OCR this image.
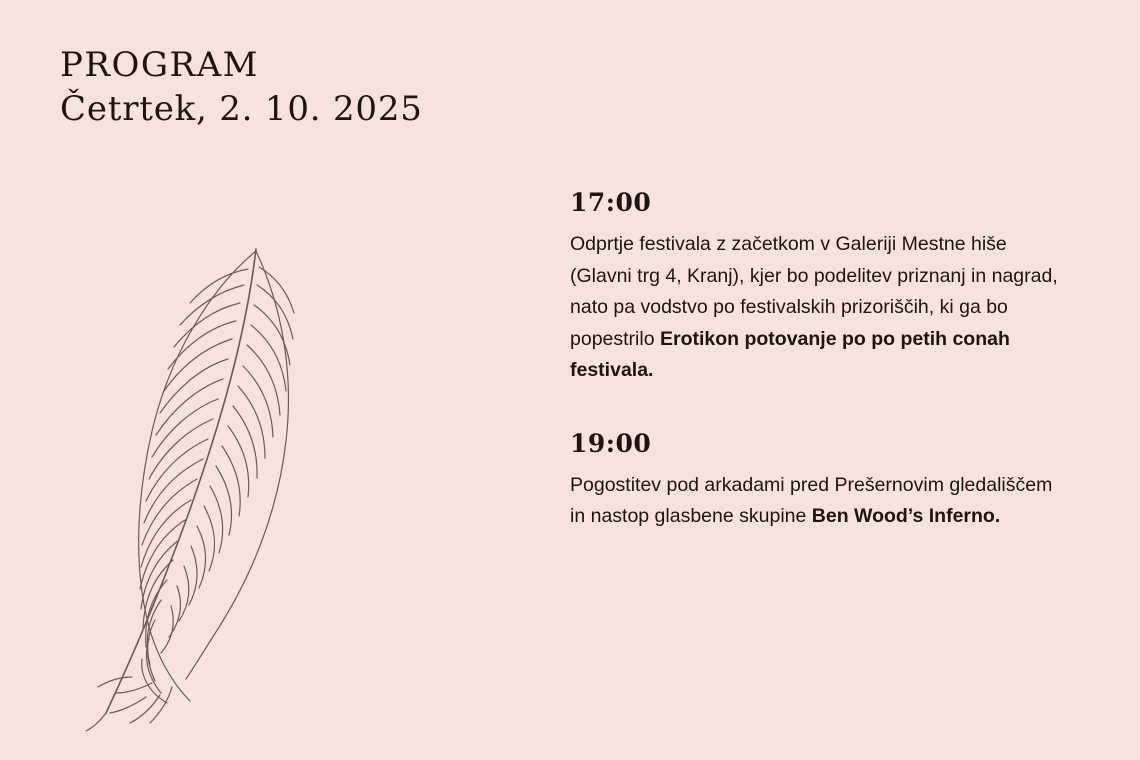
PROGRAM
Četrtek, 2. 10. 2025
17:00
Odprtje festivala z začetkom v Galeriji Mestne hiše (Glavni trg 4, Kranj), kjer bo podelitev priznanj in nagrad, nato pa vodstvo po festivalskih prizoriščih, ki ga bo popestrilo Erotikon potovanje po po petih conah festivala.
19:00
Pogostitev pod arkadami pred Prešernovim gledališčem in nastop glasbene skupine Ben Wood’s Inferno.
